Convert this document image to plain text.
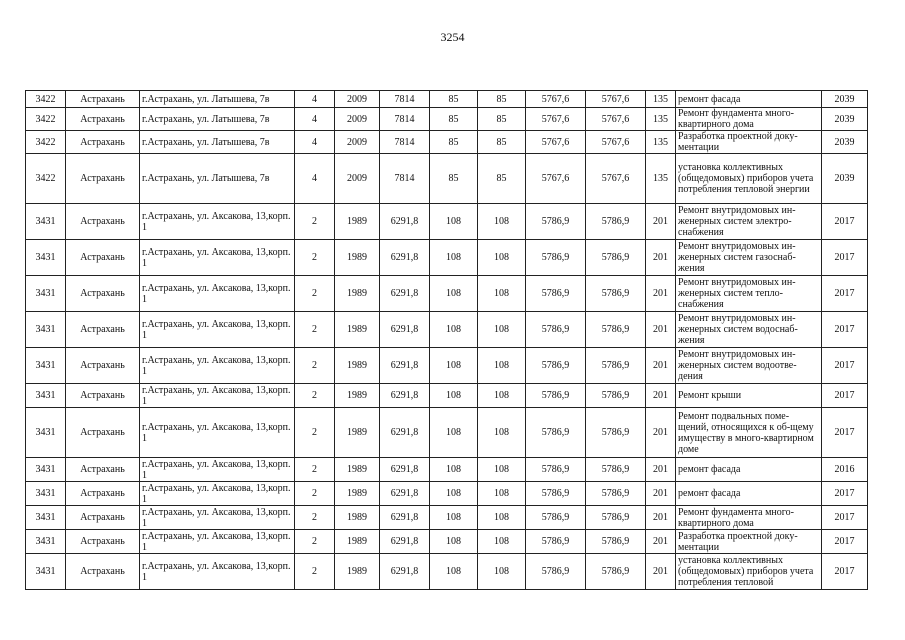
3254
3422	Астрахань	г.Астрахань, ул. Латышева, 7в	4	2009	7814	85	85	5767,6	5767,6	135	ремонт фасада	2039
3422	Астрахань	г.Астрахань, ул. Латышева, 7в	4	2009	7814	85	85	5767,6	5767,6	135	Ремонт фундамента много-квартирного дома	2039
3422	Астрахань	г.Астрахань, ул. Латышева, 7в	4	2009	7814	85	85	5767,6	5767,6	135	Разработка проектной доку-ментации	2039
3422	Астрахань	г.Астрахань, ул. Латышева, 7в	4	2009	7814	85	85	5767,6	5767,6	135	установка коллективных (общедомовых) приборов учета потребления тепловой энергии	2039
3431	Астрахань	г.Астрахань, ул. Аксакова, 13,корп. 1	2	1989	6291,8	108	108	5786,9	5786,9	201	Ремонт внутридомовых ин-женерных систем электро-снабжения	2017
3431	Астрахань	г.Астрахань, ул. Аксакова, 13,корп. 1	2	1989	6291,8	108	108	5786,9	5786,9	201	Ремонт внутридомовых ин-женерных систем газоснаб-жения	2017
3431	Астрахань	г.Астрахань, ул. Аксакова, 13,корп. 1	2	1989	6291,8	108	108	5786,9	5786,9	201	Ремонт внутридомовых ин-женерных систем тепло-снабжения	2017
3431	Астрахань	г.Астрахань, ул. Аксакова, 13,корп. 1	2	1989	6291,8	108	108	5786,9	5786,9	201	Ремонт внутридомовых ин-женерных систем водоснаб-жения	2017
3431	Астрахань	г.Астрахань, ул. Аксакова, 13,корп. 1	2	1989	6291,8	108	108	5786,9	5786,9	201	Ремонт внутридомовых ин-женерных систем водоотве-дения	2017
3431	Астрахань	г.Астрахань, ул. Аксакова, 13,корп. 1	2	1989	6291,8	108	108	5786,9	5786,9	201	Ремонт крыши	2017
3431	Астрахань	г.Астрахань, ул. Аксакова, 13,корп. 1	2	1989	6291,8	108	108	5786,9	5786,9	201	Ремонт подвальных поме-щений, относящихся к об-щему имуществу в много-квартирном доме	2017
3431	Астрахань	г.Астрахань, ул. Аксакова, 13,корп. 1	2	1989	6291,8	108	108	5786,9	5786,9	201	ремонт фасада	2016
3431	Астрахань	г.Астрахань, ул. Аксакова, 13,корп. 1	2	1989	6291,8	108	108	5786,9	5786,9	201	ремонт фасада	2017
3431	Астрахань	г.Астрахань, ул. Аксакова, 13,корп. 1	2	1989	6291,8	108	108	5786,9	5786,9	201	Ремонт фундамента много-квартирного дома	2017
3431	Астрахань	г.Астрахань, ул. Аксакова, 13,корп. 1	2	1989	6291,8	108	108	5786,9	5786,9	201	Разработка проектной доку-ментации	2017
3431	Астрахань	г.Астрахань, ул. Аксакова, 13,корп. 1	2	1989	6291,8	108	108	5786,9	5786,9	201	установка коллективных (общедомовых) приборов учета потребления тепловой	2017
